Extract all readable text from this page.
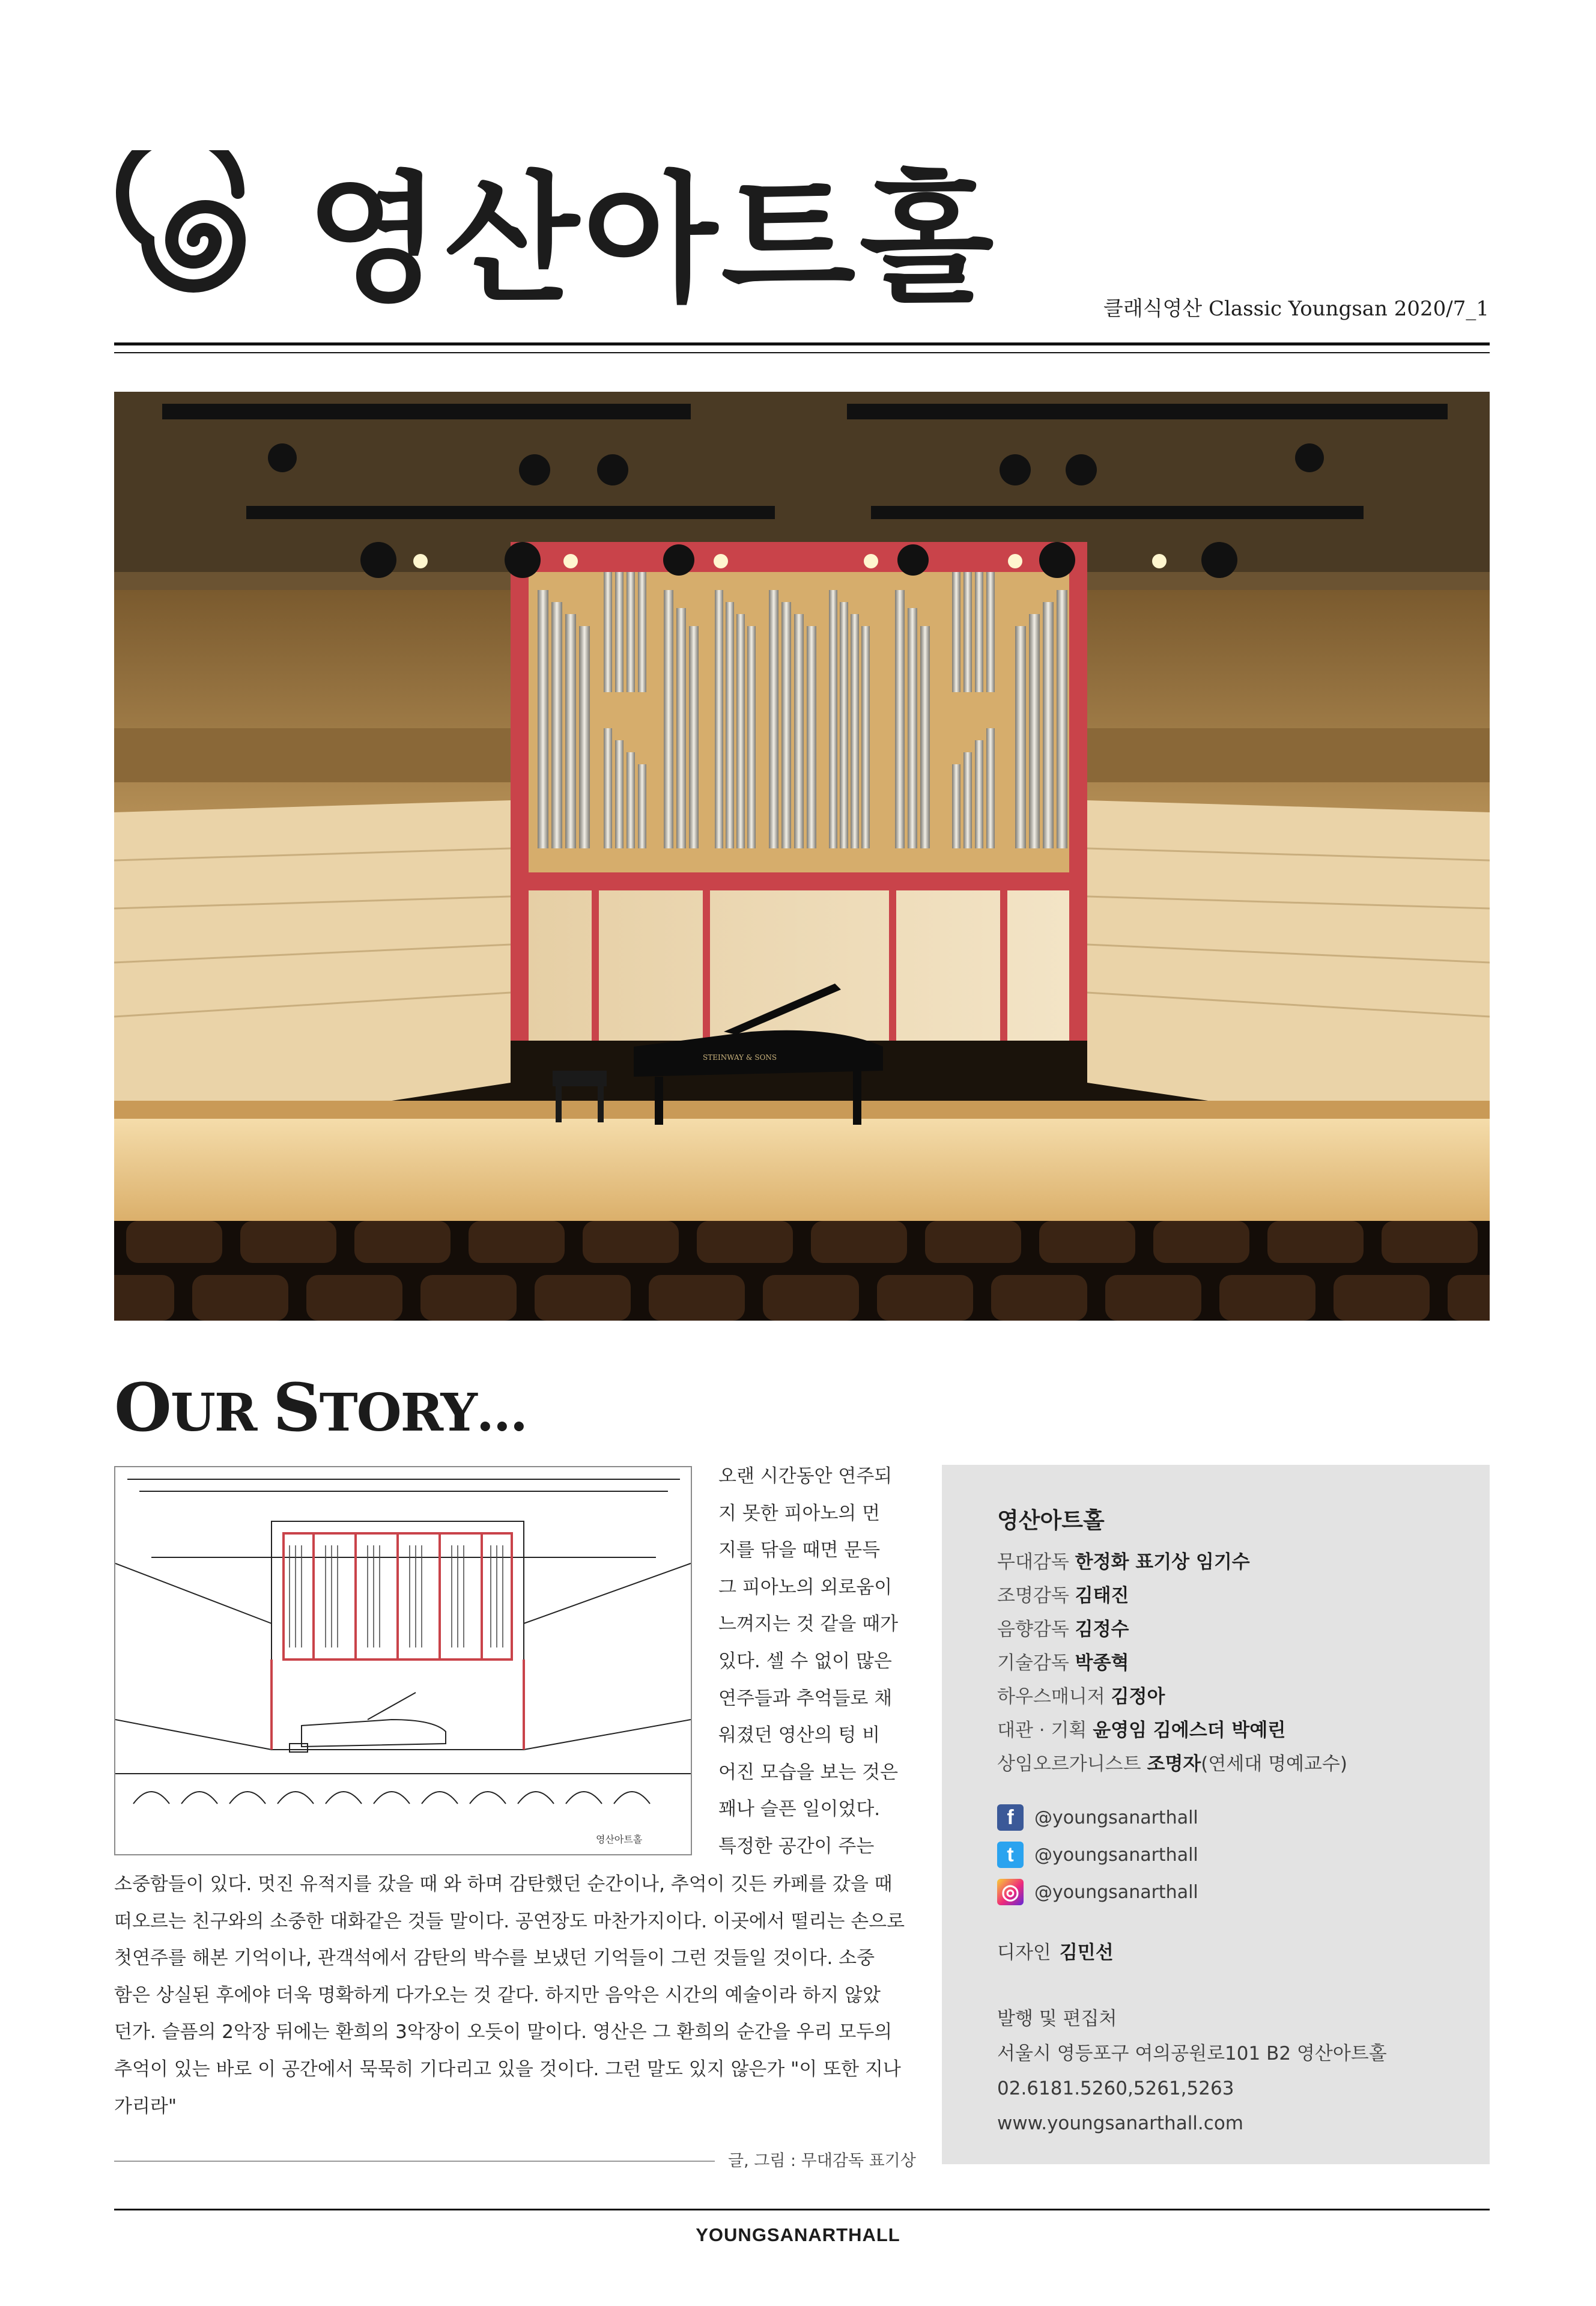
영산아트홀	클래식영산 Classic Youngsan 2020/7_1
STEINWAY & SONS
OUR STORY…
영산아트홀
오랜 시간동안 연주되
지 못한 피아노의 먼
지를 닦을 때면 문득
그 피아노의 외로움이
느껴지는 것 같을 때가
있다. 셀 수 없이 많은
연주들과 추억들로 채
워졌던 영산의 텅 비
어진 모습을 보는 것은
꽤나 슬픈 일이었다.
특정한 공간이 주는
소중함들이 있다. 멋진 유적지를 갔을 때 와 하며 감탄했던 순간이나, 추억이 깃든 카페를 갔을 때
떠오르는 친구와의 소중한 대화같은 것들 말이다. 공연장도 마찬가지이다. 이곳에서 떨리는 손으로
첫연주를 해본 기억이나, 관객석에서 감탄의 박수를 보냈던 기억들이 그런 것들일 것이다. 소중
함은 상실된 후에야 더욱 명확하게 다가오는 것 같다. 하지만 음악은 시간의 예술이라 하지 않았
던가. 슬픔의 2악장 뒤에는 환희의 3악장이 오듯이 말이다. 영산은 그 환희의 순간을 우리 모두의
추억이 있는 바로 이 공간에서 묵묵히 기다리고 있을 것이다. 그런 말도 있지 않은가 "이 또한 지나
가리라"
글, 그림 : 무대감독 표기상
영산아트홀
무대감독 한정화 표기상 임기수
조명감독 김태진
음향감독 김정수
기술감독 박종혁
하우스매니저 김정아
대관 · 기획 윤영임 김에스더 박예린
상임오르가니스트 조명자(연세대 명예교수)
f	@youngsanarthall
t	@youngsanarthall
◎ @youngsanarthall
디자인 김민선
발행 및 편집처
서울시 영등포구 여의공원로101 B2 영산아트홀
02.6181.5260,5261,5263
www.youngsanarthall.com
YOUNGSANARTHALL
